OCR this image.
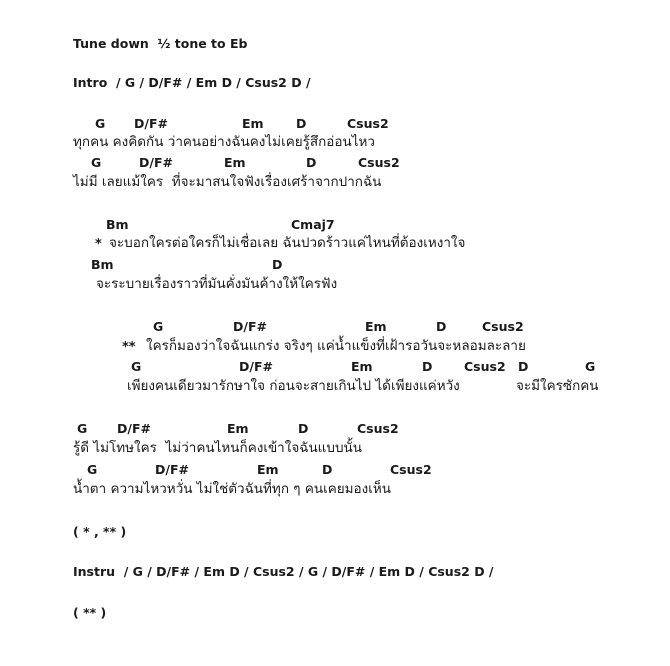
Tune down  ½ tone to Eb
Intro  / G / D/F# / Em D / Csus2 D /
G D/F#	Em	D	Csus2
ทุกคน คงคิดกัน ว่าคนอย่างฉันคงไม่เคยรู้สึกอ่อนไหว
G	D/F#	Em	D	Csus2
ไม่มี เลยแม้ใคร  ที่จะมาสนใจฟังเรื่องเศร้าจากปากฉัน
Bm	Cmaj7
* จะบอกใครต่อใครก็ไม่เชื่อเลย ฉันปวดร้าวแค่ไหนที่ต้องเหงาใจ
Bm	D
จะระบายเรื่องราวที่มันคั่งมันค้างให้ใครฟัง
G	D/F#	Em	D	Csus2
** ใครก็มองว่าใจฉันแกร่ง จริงๆ แค่น้ำแข็งที่เฝ้ารอวันจะหลอมละลาย
G	D/F#	Em	D	Csus2 D	G
เพียงคนเดียวมารักษาใจ ก่อนจะสายเกินไป ได้เพียงแค่หวัง	จะมีใครซักคน
G D/F#	Em	D	Csus2
รู้ดี ไม่โทษใคร  ไม่ว่าคนไหนก็คงเข้าใจฉันแบบนั้น
G	D/F#	Em	D	Csus2
น้ำตา ความไหวหวั่น ไม่ใช่ตัวฉันที่ทุก ๆ คนเคยมองเห็น
( * , ** )
Instru  / G / D/F# / Em D / Csus2 / G / D/F# / Em D / Csus2 D /
( ** )
